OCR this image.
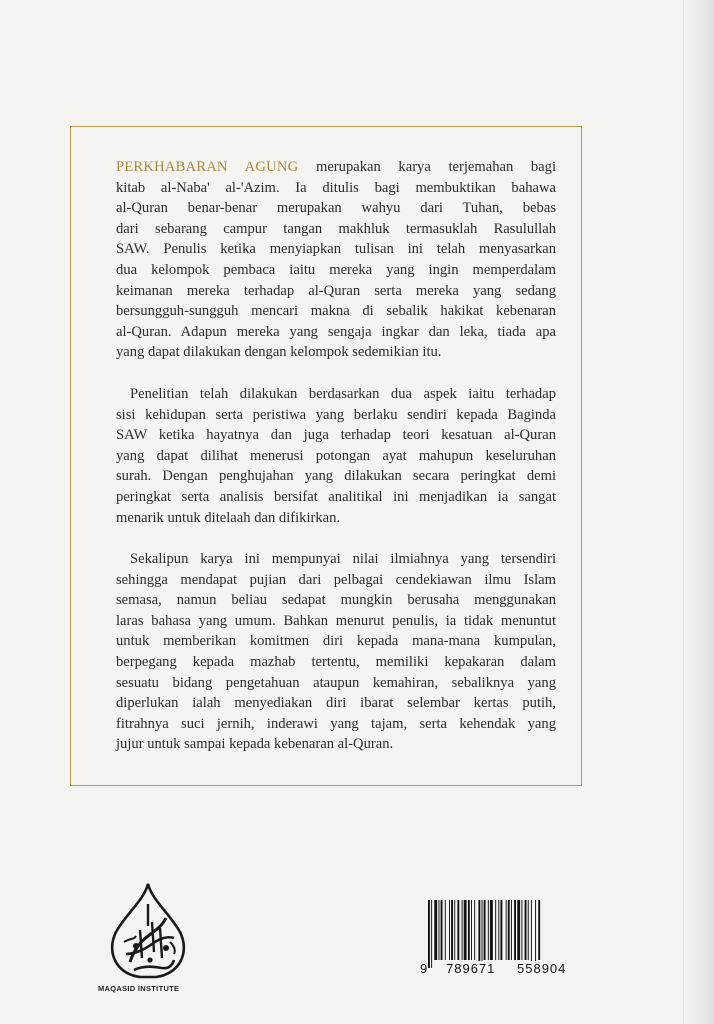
PERKHABARAN AGUNG merupakan karya terjemahan bagi
kitab al-Naba' al-'Azim. Ia ditulis bagi membuktikan bahawa
al-Quran benar-benar merupakan wahyu dari Tuhan, bebas
dari sebarang campur tangan makhluk termasuklah Rasulullah
SAW. Penulis ketika menyiapkan tulisan ini telah menyasarkan
dua kelompok pembaca iaitu mereka yang ingin memperdalam
keimanan mereka terhadap al-Quran serta mereka yang sedang
bersungguh-sungguh mencari makna di sebalik hakikat kebenaran
al-Quran. Adapun mereka yang sengaja ingkar dan leka, tiada apa
yang dapat dilakukan dengan kelompok sedemikian itu.
Penelitian telah dilakukan berdasarkan dua aspek iaitu terhadap
sisi kehidupan serta peristiwa yang berlaku sendiri kepada Baginda
SAW ketika hayatnya dan juga terhadap teori kesatuan al-Quran
yang dapat dilihat menerusi potongan ayat mahupun keseluruhan
surah. Dengan penghujahan yang dilakukan secara peringkat demi
peringkat serta analisis bersifat analitikal ini menjadikan ia sangat
menarik untuk ditelaah dan difikirkan.
Sekalipun karya ini mempunyai nilai ilmiahnya yang tersendiri
sehingga mendapat pujian dari pelbagai cendekiawan ilmu Islam
semasa, namun beliau sedapat mungkin berusaha menggunakan
laras bahasa yang umum. Bahkan menurut penulis, ia tidak menuntut
untuk memberikan komitmen diri kepada mana-mana kumpulan,
berpegang kepada mazhab tertentu, memiliki kepakaran dalam
sesuatu bidang pengetahuan ataupun kemahiran, sebaliknya yang
diperlukan ialah menyediakan diri ibarat selembar kertas putih,
fitrahnya suci jernih, inderawi yang tajam, serta kehendak yang
jujur untuk sampai kepada kebenaran al-Quran.
MAQASID INSTITUTE
9 789671 558904
